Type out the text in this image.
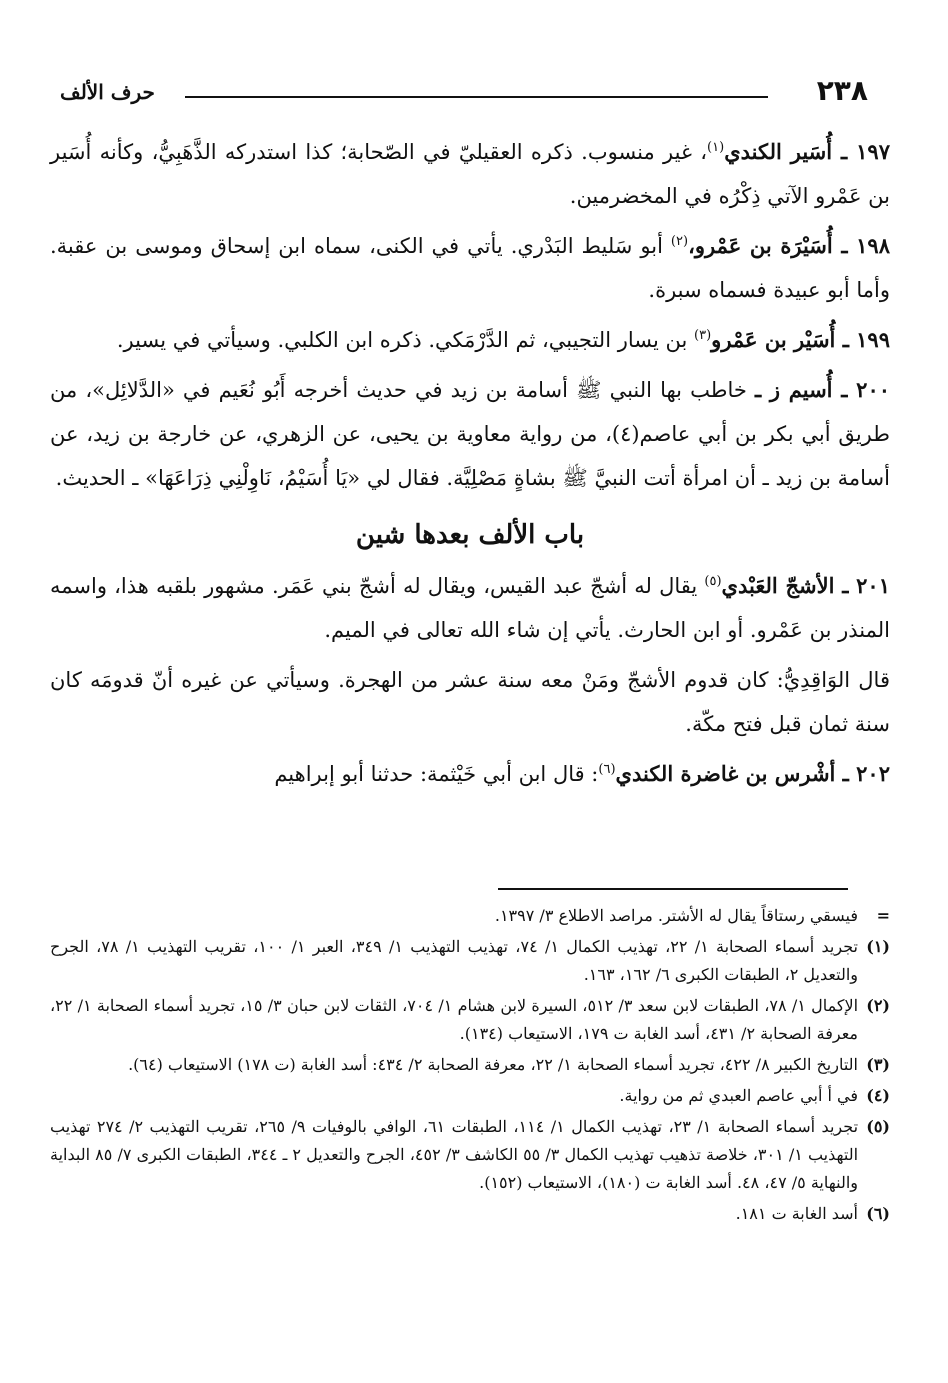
٢٣٨
حرف الألف

١٩٧ ـ أُسَير الكندي$^{(١)}$، غير منسوب. ذكره العقيليّ في الصّحابة؛ كذا استدركه الذَّهَبِيُّ، وكأنه أُسَير بن عَمْرو الآتي ذِكْرُه في المخضرمين.

١٩٨ ـ أُسَيْرَة بن عَمْرو،$^{(٢)}$ أبو سَليط البَدْري. يأتي في الكنى، سماه ابن إسحاق وموسى بن عقبة. وأما أبو عبيدة فسماه سبرة.

١٩٩ ـ أُسَيْر بن عَمْرو$^{(٣)}$ بن يسار التجيبي، ثم الدَّرْمَكي. ذكره ابن الكلبي. وسيأتي في يسير.

٢٠٠ ـ أُسيم ز ـ خاطب بها النبي ﷺ أسامة بن زيد في حديث أخرجه أَبُو نُعَيم في «الدَّلائِل»، من طريق أبي بكر بن أبي عاصم(٤)، من رواية معاوية بن يحيى، عن الزهري، عن خارجة بن زيد، عن أسامة بن زيد ـ أن امرأة أتت النبيَّ ﷺ بشاةٍ مَصْلِيَّة. فقال لي «يَا أُسَيْمُ، نَاوِلْنِي ذِرَاعَهَا» ـ الحديث.

باب الألف بعدها شين

٢٠١ ـ الأشجّ العَبْدي$^{(٥)}$ يقال له أشجّ عبد القيس، ويقال له أشجّ بني عَمَر. مشهور بلقبه هذا، واسمه المنذر بن عَمْرو. أو ابن الحارث. يأتي إن شاء الله تعالى في الميم.

قال الوَاقِدِيُّ: كان قدوم الأشجّ ومَنْ معه سنة عشر من الهجرة. وسيأتي عن غيره أنّ قدومَه كان سنة ثمان قبل فتح مكّة.

٢٠٢ ـ أشْرس بن غاضرة الكندي$^{(٦)}$: قال ابن أبي خَيْثمة: حدثنا أبو إبراهيم

=
فيسقي رستاقاً يقال له الأشتر. مراصد الاطلاع ٣/ ١٣٩٧.
(١)
تجريد أسماء الصحابة ١/ ٢٢، تهذيب الكمال ١/ ٧٤، تهذيب التهذيب ١/ ٣٤٩، العبر ١/ ١٠٠، تقريب التهذيب ١/ ٧٨، الجرح والتعديل ٢، الطبقات الكبرى ٦/ ١٦٢، ١٦٣.
(٢)
الإكمال ١/ ٧٨، الطبقات لابن سعد ٣/ ٥١٢، السيرة لابن هشام ١/ ٧٠٤، الثقات لابن حبان ٣/ ١٥، تجريد أسماء الصحابة ١/ ٢٢، معرفة الصحابة ٢/ ٤٣١، أسد الغابة ت ١٧٩، الاستيعاب (١٣٤).
(٣)
التاريخ الكبير ٨/ ٤٢٢، تجريد أسماء الصحابة ١/ ٢٢، معرفة الصحابة ٢/ ٤٣٤: أسد الغابة (ت ١٧٨) الاستيعاب (٦٤).
(٤)
في أ أبي عاصم العبدي ثم من رواية.
(٥)
تجريد أسماء الصحابة ١/ ٢٣، تهذيب الكمال ١/ ١١٤، الطبقات ٦١، الوافي بالوفيات ٩/ ٢٦٥، تقريب التهذيب ٢/ ٢٧٤ تهذيب التهذيب ١/ ٣٠١، خلاصة تذهيب تهذيب الكمال ٣/ ٥٥ الكاشف ٣/ ٤٥٢، الجرح والتعديل ٢ ـ ٣٤٤، الطبقات الكبرى ٧/ ٨٥ البداية والنهاية ٥/ ٤٧، ٤٨. أسد الغابة ت (١٨٠)، الاستيعاب (١٥٢).
(٦)
أسد الغابة ت ١٨١.
